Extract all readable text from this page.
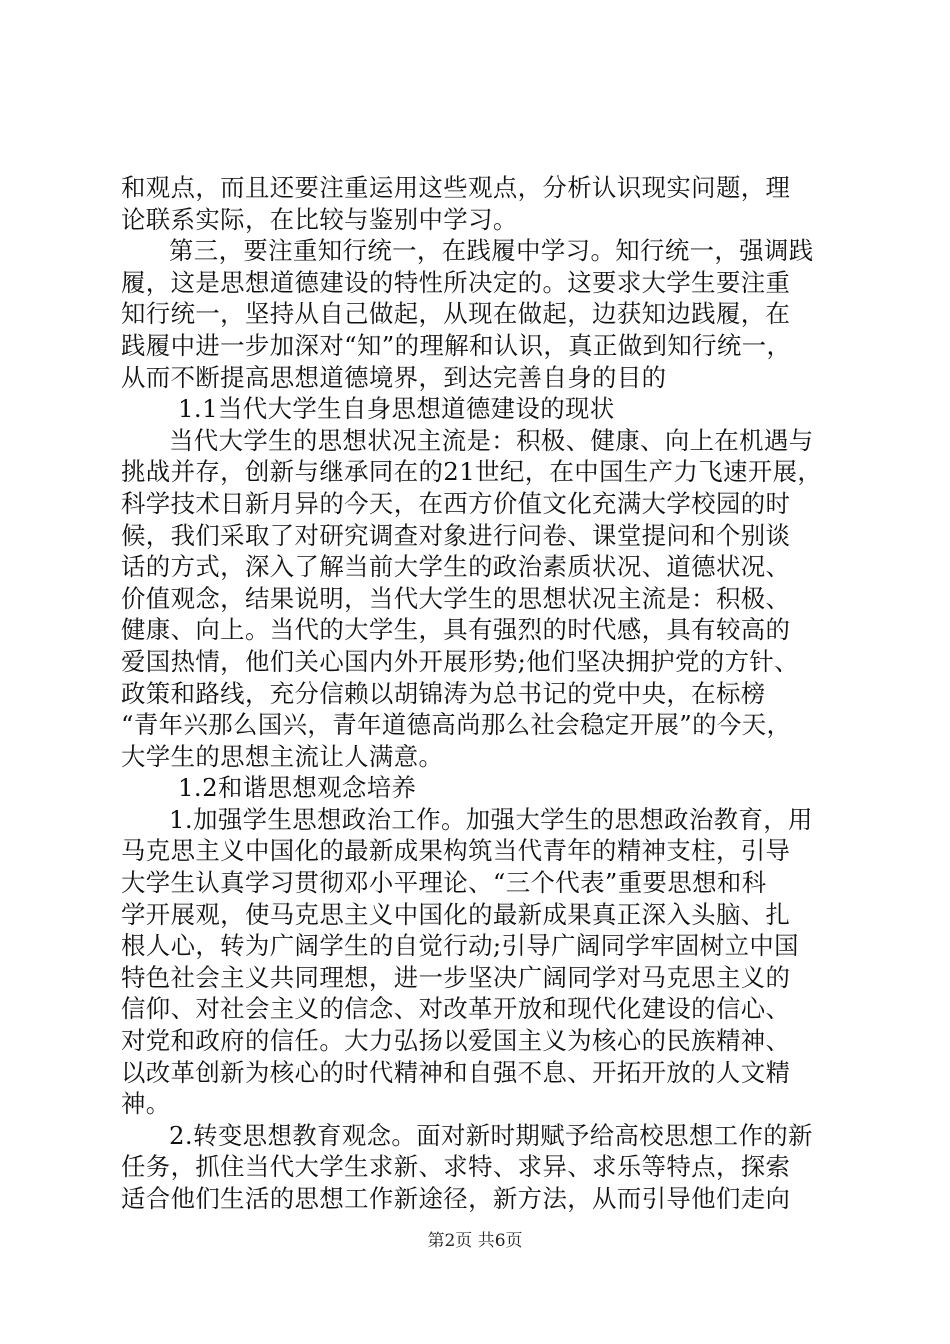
和观点，而且还要注重运用这些观点，分析认识现实问题，理
论联系实际，在比较与鉴别中学习。
第三，要注重知行统一，在践履中学习。知行统一，强调践
履，这是思想道德建设的特性所决定的。这要求大学生要注重
知行统一，坚持从自己做起，从现在做起，边获知边践履，在
践履中进一步加深对“知”的理解和认识，真正做到知行统一，
从而不断提高思想道德境界，到达完善自身的目的
1.1当代大学生自身思想道德建设的现状
当代大学生的思想状况主流是：积极、健康、向上在机遇与
挑战并存，创新与继承同在的21世纪，在中国生产力飞速开展，
科学技术日新月异的今天，在西方价值文化充满大学校园的时
候，我们采取了对研究调查对象进行问卷、课堂提问和个别谈
话的方式，深入了解当前大学生的政治素质状况、道德状况、
价值观念，结果说明，当代大学生的思想状况主流是：积极、
健康、向上。当代的大学生，具有强烈的时代感，具有较高的
爱国热情，他们关心国内外开展形势;他们坚决拥护党的方针、
政策和路线，充分信赖以胡锦涛为总书记的党中央，在标榜
“青年兴那么国兴，青年道德高尚那么社会稳定开展”的今天，
大学生的思想主流让人满意。
1.2和谐思想观念培养
1.加强学生思想政治工作。加强大学生的思想政治教育，用
马克思主义中国化的最新成果构筑当代青年的精神支柱，引导
大学生认真学习贯彻邓小平理论、“三个代表”重要思想和科
学开展观，使马克思主义中国化的最新成果真正深入头脑、扎
根人心，转为广阔学生的自觉行动;引导广阔同学牢固树立中国
特色社会主义共同理想，进一步坚决广阔同学对马克思主义的
信仰、对社会主义的信念、对改革开放和现代化建设的信心、
对党和政府的信任。大力弘扬以爱国主义为核心的民族精神、
以改革创新为核心的时代精神和自强不息、开拓开放的人文精
神。
2.转变思想教育观念。面对新时期赋予给高校思想工作的新
任务，抓住当代大学生求新、求特、求异、求乐等特点，探索
适合他们生活的思想工作新途径，新方法，从而引导他们走向
第2页 共6页
